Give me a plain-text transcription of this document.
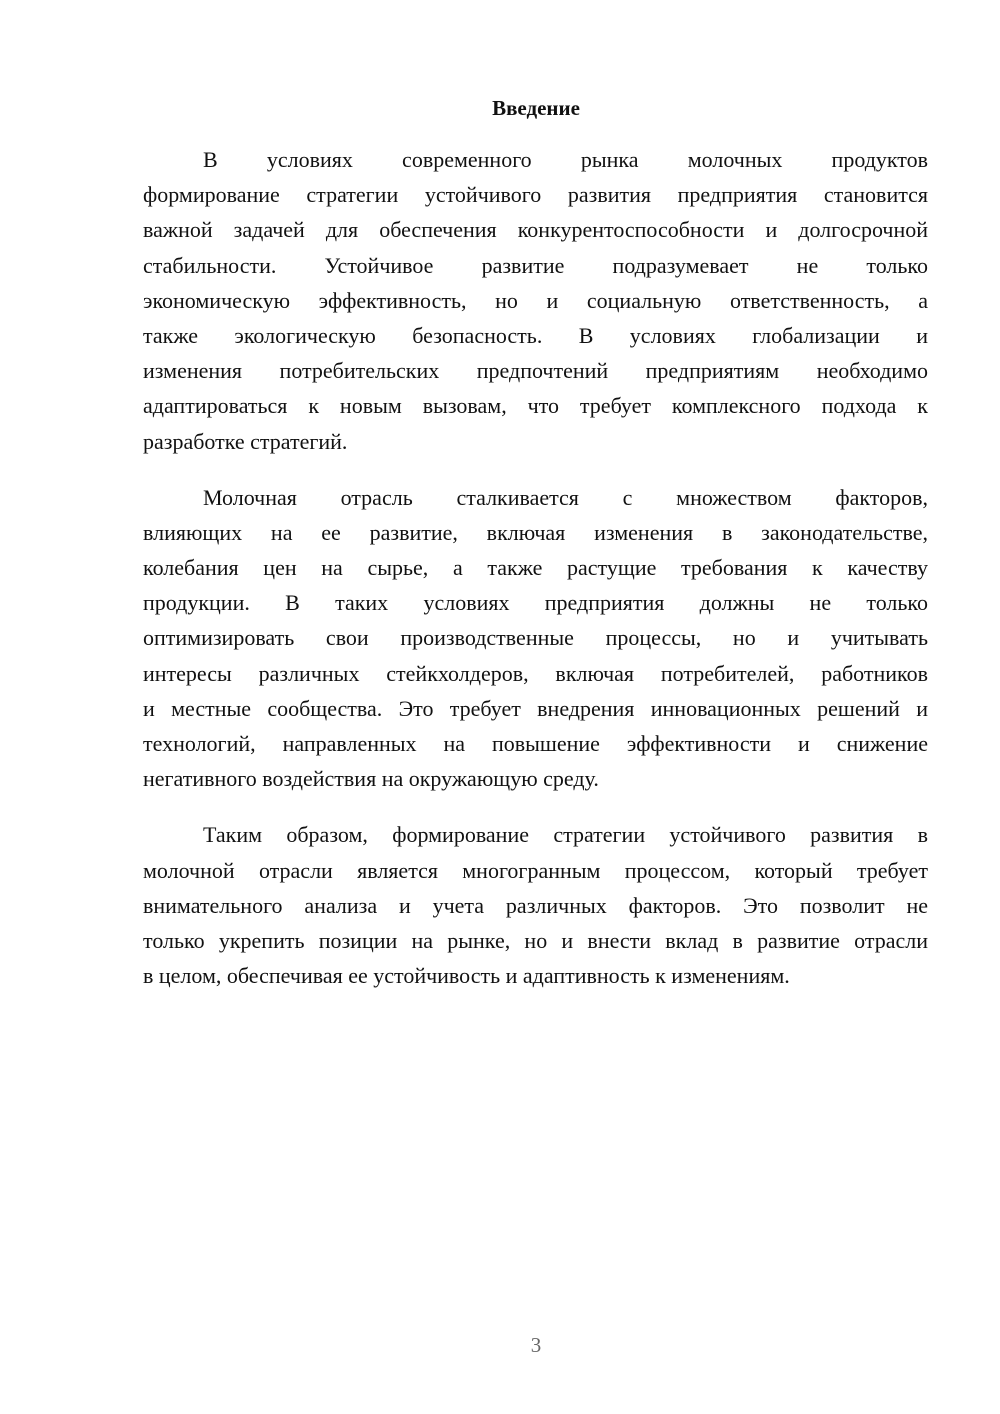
Введение
В условиях современного рынка молочных продуктов
формирование стратегии устойчивого развития предприятия становится
важной задачей для обеспечения конкурентоспособности и долгосрочной
стабильности. Устойчивое развитие подразумевает не только
экономическую эффективность, но и социальную ответственность, а
также экологическую безопасность. В условиях глобализации и
изменения потребительских предпочтений предприятиям необходимо
адаптироваться к новым вызовам, что требует комплексного подхода к
разработке стратегий.
Молочная отрасль сталкивается с множеством факторов,
влияющих на ее развитие, включая изменения в законодательстве,
колебания цен на сырье, а также растущие требования к качеству
продукции. В таких условиях предприятия должны не только
оптимизировать свои производственные процессы, но и учитывать
интересы различных стейкхолдеров, включая потребителей, работников
и местные сообщества. Это требует внедрения инновационных решений и
технологий, направленных на повышение эффективности и снижение
негативного воздействия на окружающую среду.
Таким образом, формирование стратегии устойчивого развития в
молочной отрасли является многогранным процессом, который требует
внимательного анализа и учета различных факторов. Это позволит не
только укрепить позиции на рынке, но и внести вклад в развитие отрасли
в целом, обеспечивая ее устойчивость и адаптивность к изменениям.
3
